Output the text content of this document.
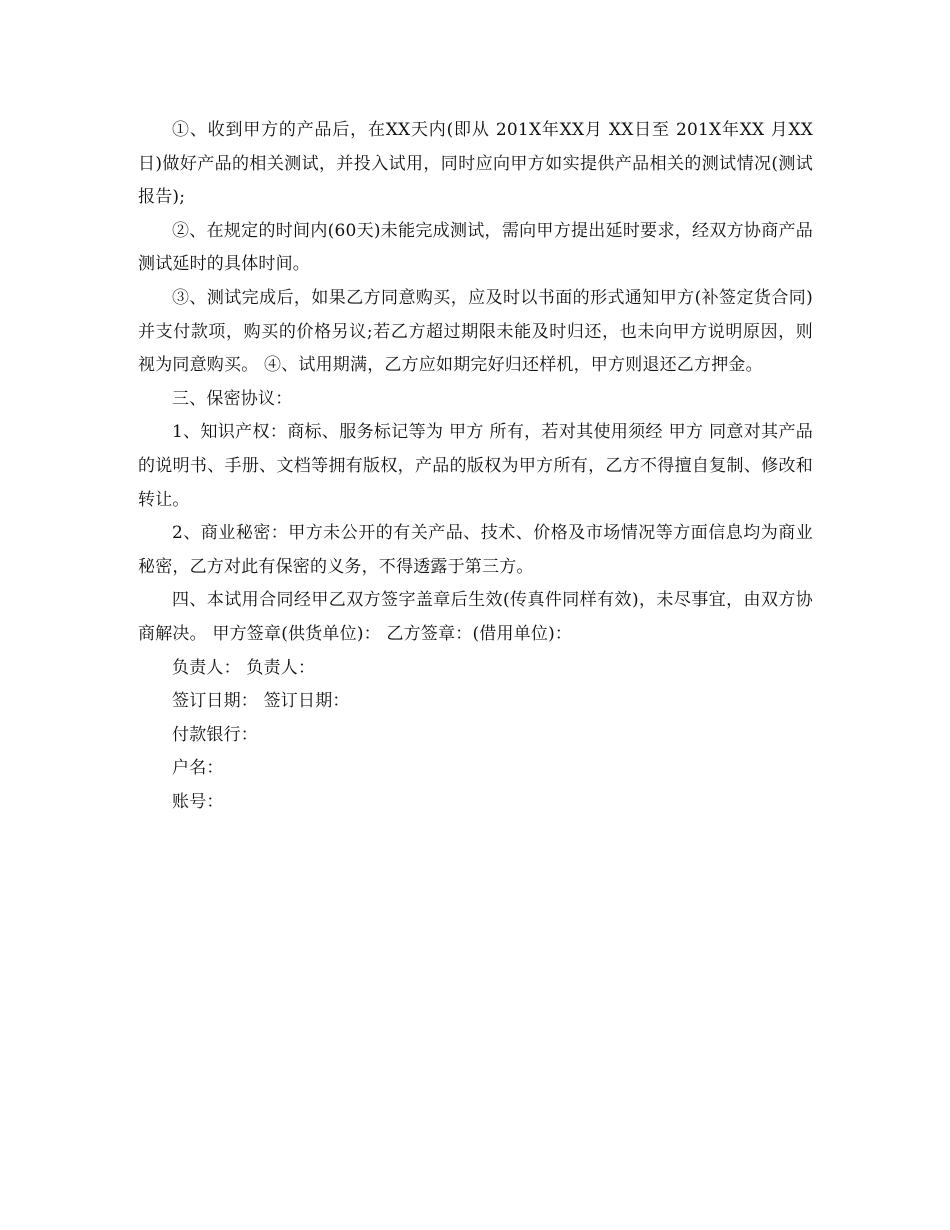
①、收到甲方的产品后，在XX天内(即从 201X年XX月 XX日至 201X年XX 月XX 日)做好产品的相关测试，并投入试用，同时应向甲方如实提供产品相关的测试情况(测试报告);

②、在规定的时间内(60天)未能完成测试，需向甲方提出延时要求，经双方协商产品测试延时的具体时间。

③、测试完成后，如果乙方同意购买，应及时以书面的形式通知甲方(补签定货合同)并支付款项，购买的价格另议;若乙方超过期限未能及时归还，也未向甲方说明原因，则视为同意购买。 ④、试用期满，乙方应如期完好归还样机，甲方则退还乙方押金。

三、保密协议：

1、知识产权：商标、服务标记等为 甲方 所有，若对其使用须经 甲方 同意对其产品的说明书、手册、文档等拥有版权，产品的版权为甲方所有，乙方不得擅自复制、修改和转让。

2、商业秘密：甲方未公开的有关产品、技术、价格及市场情况等方面信息均为商业秘密，乙方对此有保密的义务，不得透露于第三方。

四、本试用合同经甲乙双方签字盖章后生效(传真件同样有效)，未尽事宜，由双方协商解决。 甲方签章(供货单位)： 乙方签章：(借用单位)：

负责人： 负责人：

签订日期： 签订日期：

付款银行：

户名：

账号：
